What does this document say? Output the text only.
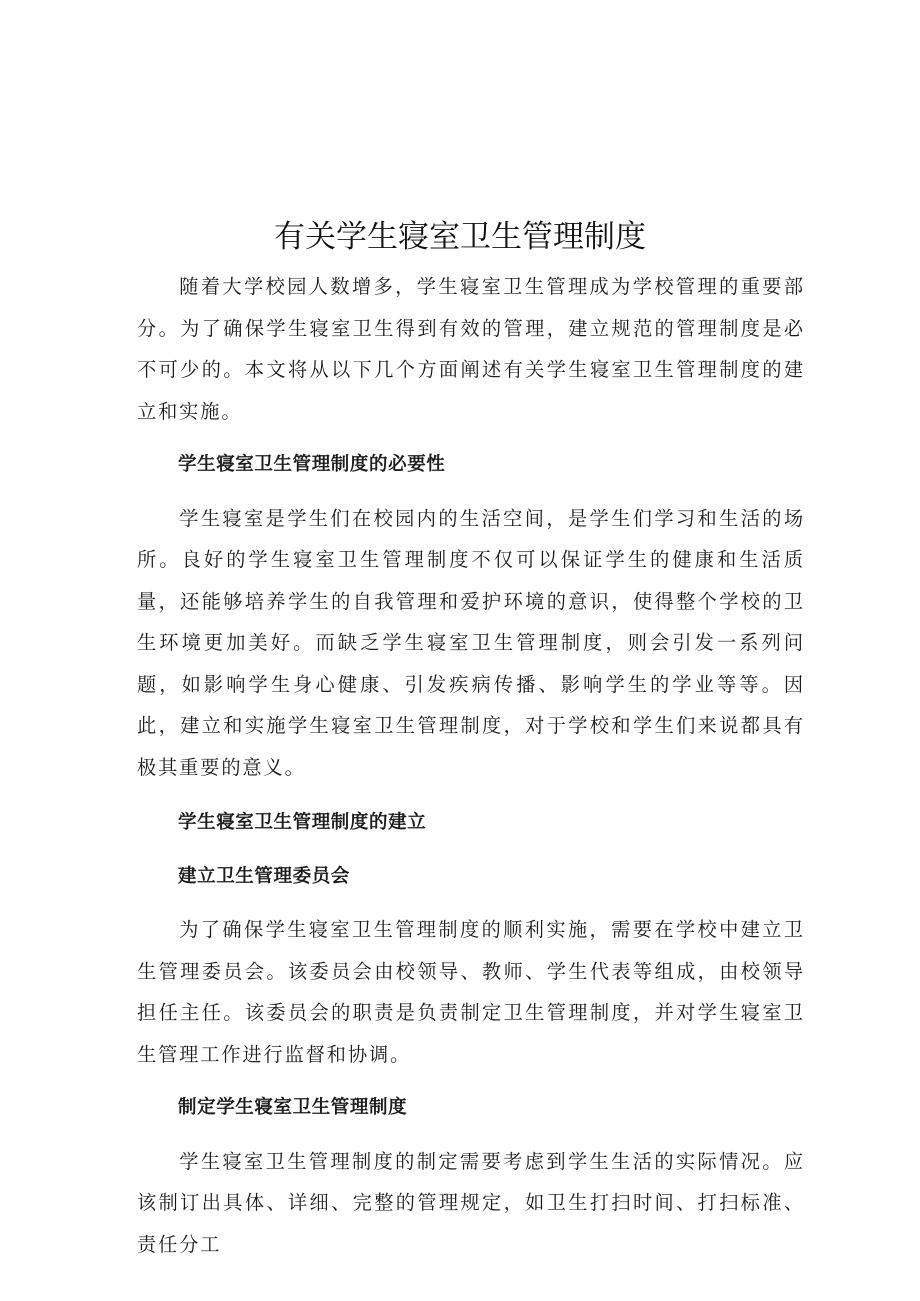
有关学生寝室卫生管理制度

随着大学校园人数增多，学生寝室卫生管理成为学校管理的重要部分。为了确保学生寝室卫生得到有效的管理，建立规范的管理制度是必不可少的。本文将从以下几个方面阐述有关学生寝室卫生管理制度的建立和实施。

学生寝室卫生管理制度的必要性

学生寝室是学生们在校园内的生活空间，是学生们学习和生活的场所。良好的学生寝室卫生管理制度不仅可以保证学生的健康和生活质量，还能够培养学生的自我管理和爱护环境的意识，使得整个学校的卫生环境更加美好。而缺乏学生寝室卫生管理制度，则会引发一系列问题，如影响学生身心健康、引发疾病传播、影响学生的学业等等。因此，建立和实施学生寝室卫生管理制度，对于学校和学生们来说都具有极其重要的意义。

学生寝室卫生管理制度的建立
建立卫生管理委员会

为了确保学生寝室卫生管理制度的顺利实施，需要在学校中建立卫生管理委员会。该委员会由校领导、教师、学生代表等组成，由校领导担任主任。该委员会的职责是负责制定卫生管理制度，并对学生寝室卫生管理工作进行监督和协调。

制定学生寝室卫生管理制度

学生寝室卫生管理制度的制定需要考虑到学生生活的实际情况。应该制订出具体、详细、完整的管理规定，如卫生打扫时间、打扫标准、责任分工
